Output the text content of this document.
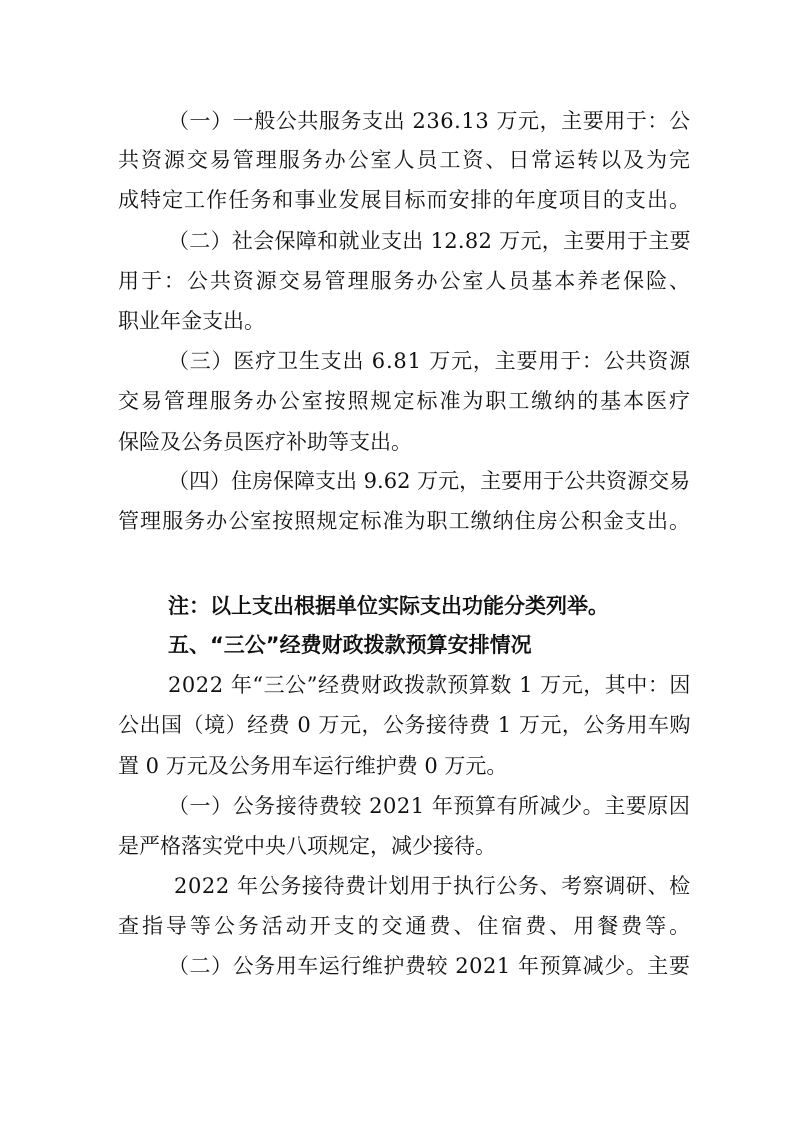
（一）一般公共服务支出 236.13 万元，主要用于：公
共资源交易管理服务办公室人员工资、日常运转以及为完
成特定工作任务和事业发展目标而安排的年度项目的支出。
（二）社会保障和就业支出 12.82 万元，主要用于主要
用于：公共资源交易管理服务办公室人员基本养老保险、
职业年金支出。
（三）医疗卫生支出 6.81 万元，主要用于：公共资源
交易管理服务办公室按照规定标准为职工缴纳的基本医疗
保险及公务员医疗补助等支出。
（四）住房保障支出 9.62 万元，主要用于公共资源交易
管理服务办公室按照规定标准为职工缴纳住房公积金支出。
注：以上支出根据单位实际支出功能分类列举。
五、“三公”经费财政拨款预算安排情况
2022 年“三公”经费财政拨款预算数 1 万元，其中：因
公出国（境）经费 0 万元，公务接待费 1 万元，公务用车购
置 0 万元及公务用车运行维护费 0 万元。
（一）公务接待费较 2021 年预算有所减少。主要原因
是严格落实党中央八项规定，减少接待。
2022 年公务接待费计划用于执行公务、考察调研、检
查指导等公务活动开支的交通费、住宿费、用餐费等。
（二）公务用车运行维护费较 2021 年预算减少。主要
